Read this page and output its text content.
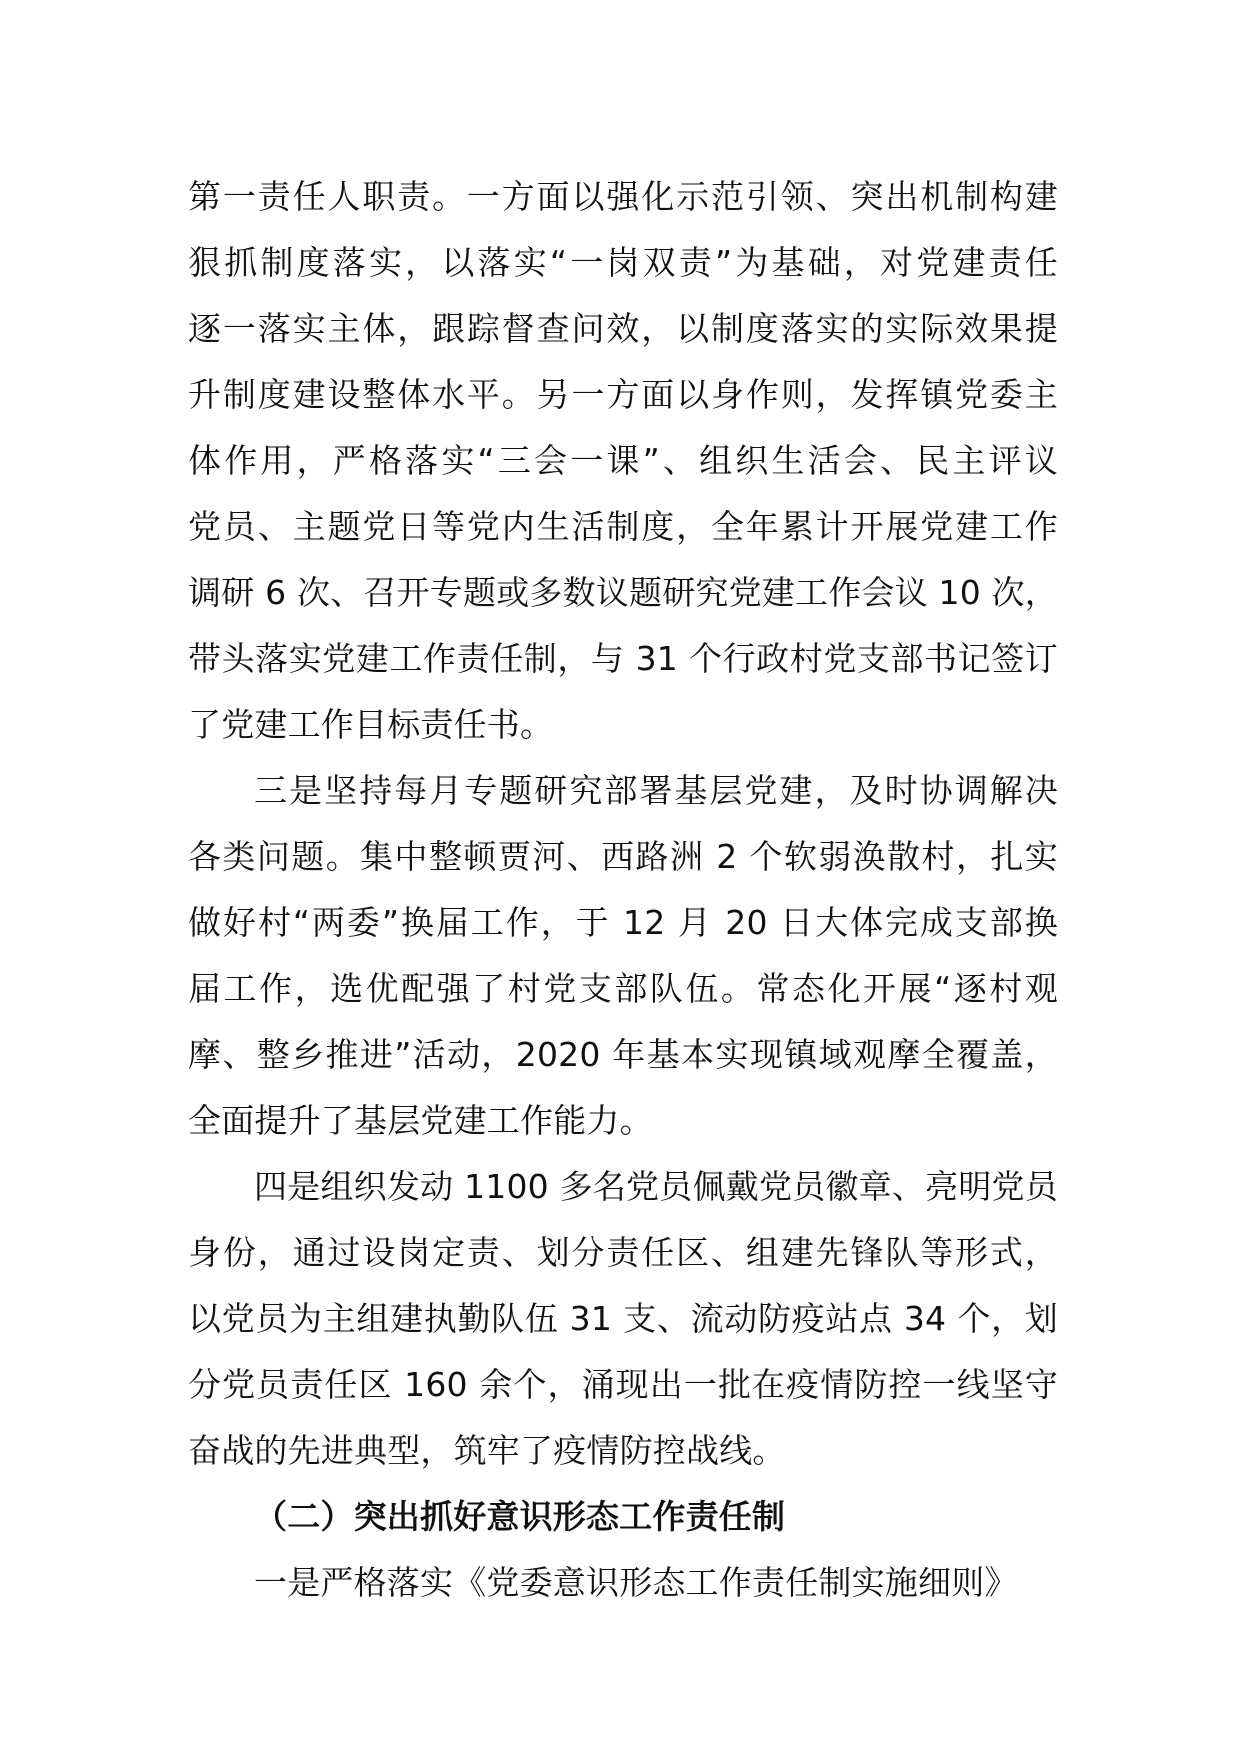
第一责任人职责。一方面以强化示范引领、突出机制构建
狠抓制度落实，以落实“一岗双责”为基础，对党建责任
逐一落实主体，跟踪督查问效，以制度落实的实际效果提
升制度建设整体水平。另一方面以身作则，发挥镇党委主
体作用，严格落实“三会一课”、组织生活会、民主评议
党员、主题党日等党内生活制度，全年累计开展党建工作
调研 6 次、召开专题或多数议题研究党建工作会议 10 次，
带头落实党建工作责任制，与 31 个行政村党支部书记签订
了党建工作目标责任书。
三是坚持每月专题研究部署基层党建，及时协调解决
各类问题。集中整顿贾河、西路洲 2 个软弱涣散村，扎实
做好村“两委”换届工作，于 12 月 20 日大体完成支部换
届工作，选优配强了村党支部队伍。常态化开展“逐村观
摩、整乡推进”活动，2020 年基本实现镇域观摩全覆盖，
全面提升了基层党建工作能力。
四是组织发动 1100 多名党员佩戴党员徽章、亮明党员
身份，通过设岗定责、划分责任区、组建先锋队等形式，
以党员为主组建执勤队伍 31 支、流动防疫站点 34 个，划
分党员责任区 160 余个，涌现出一批在疫情防控一线坚守
奋战的先进典型，筑牢了疫情防控战线。
（二）突出抓好意识形态工作责任制
一是严格落实《党委意识形态工作责任制实施细则》
